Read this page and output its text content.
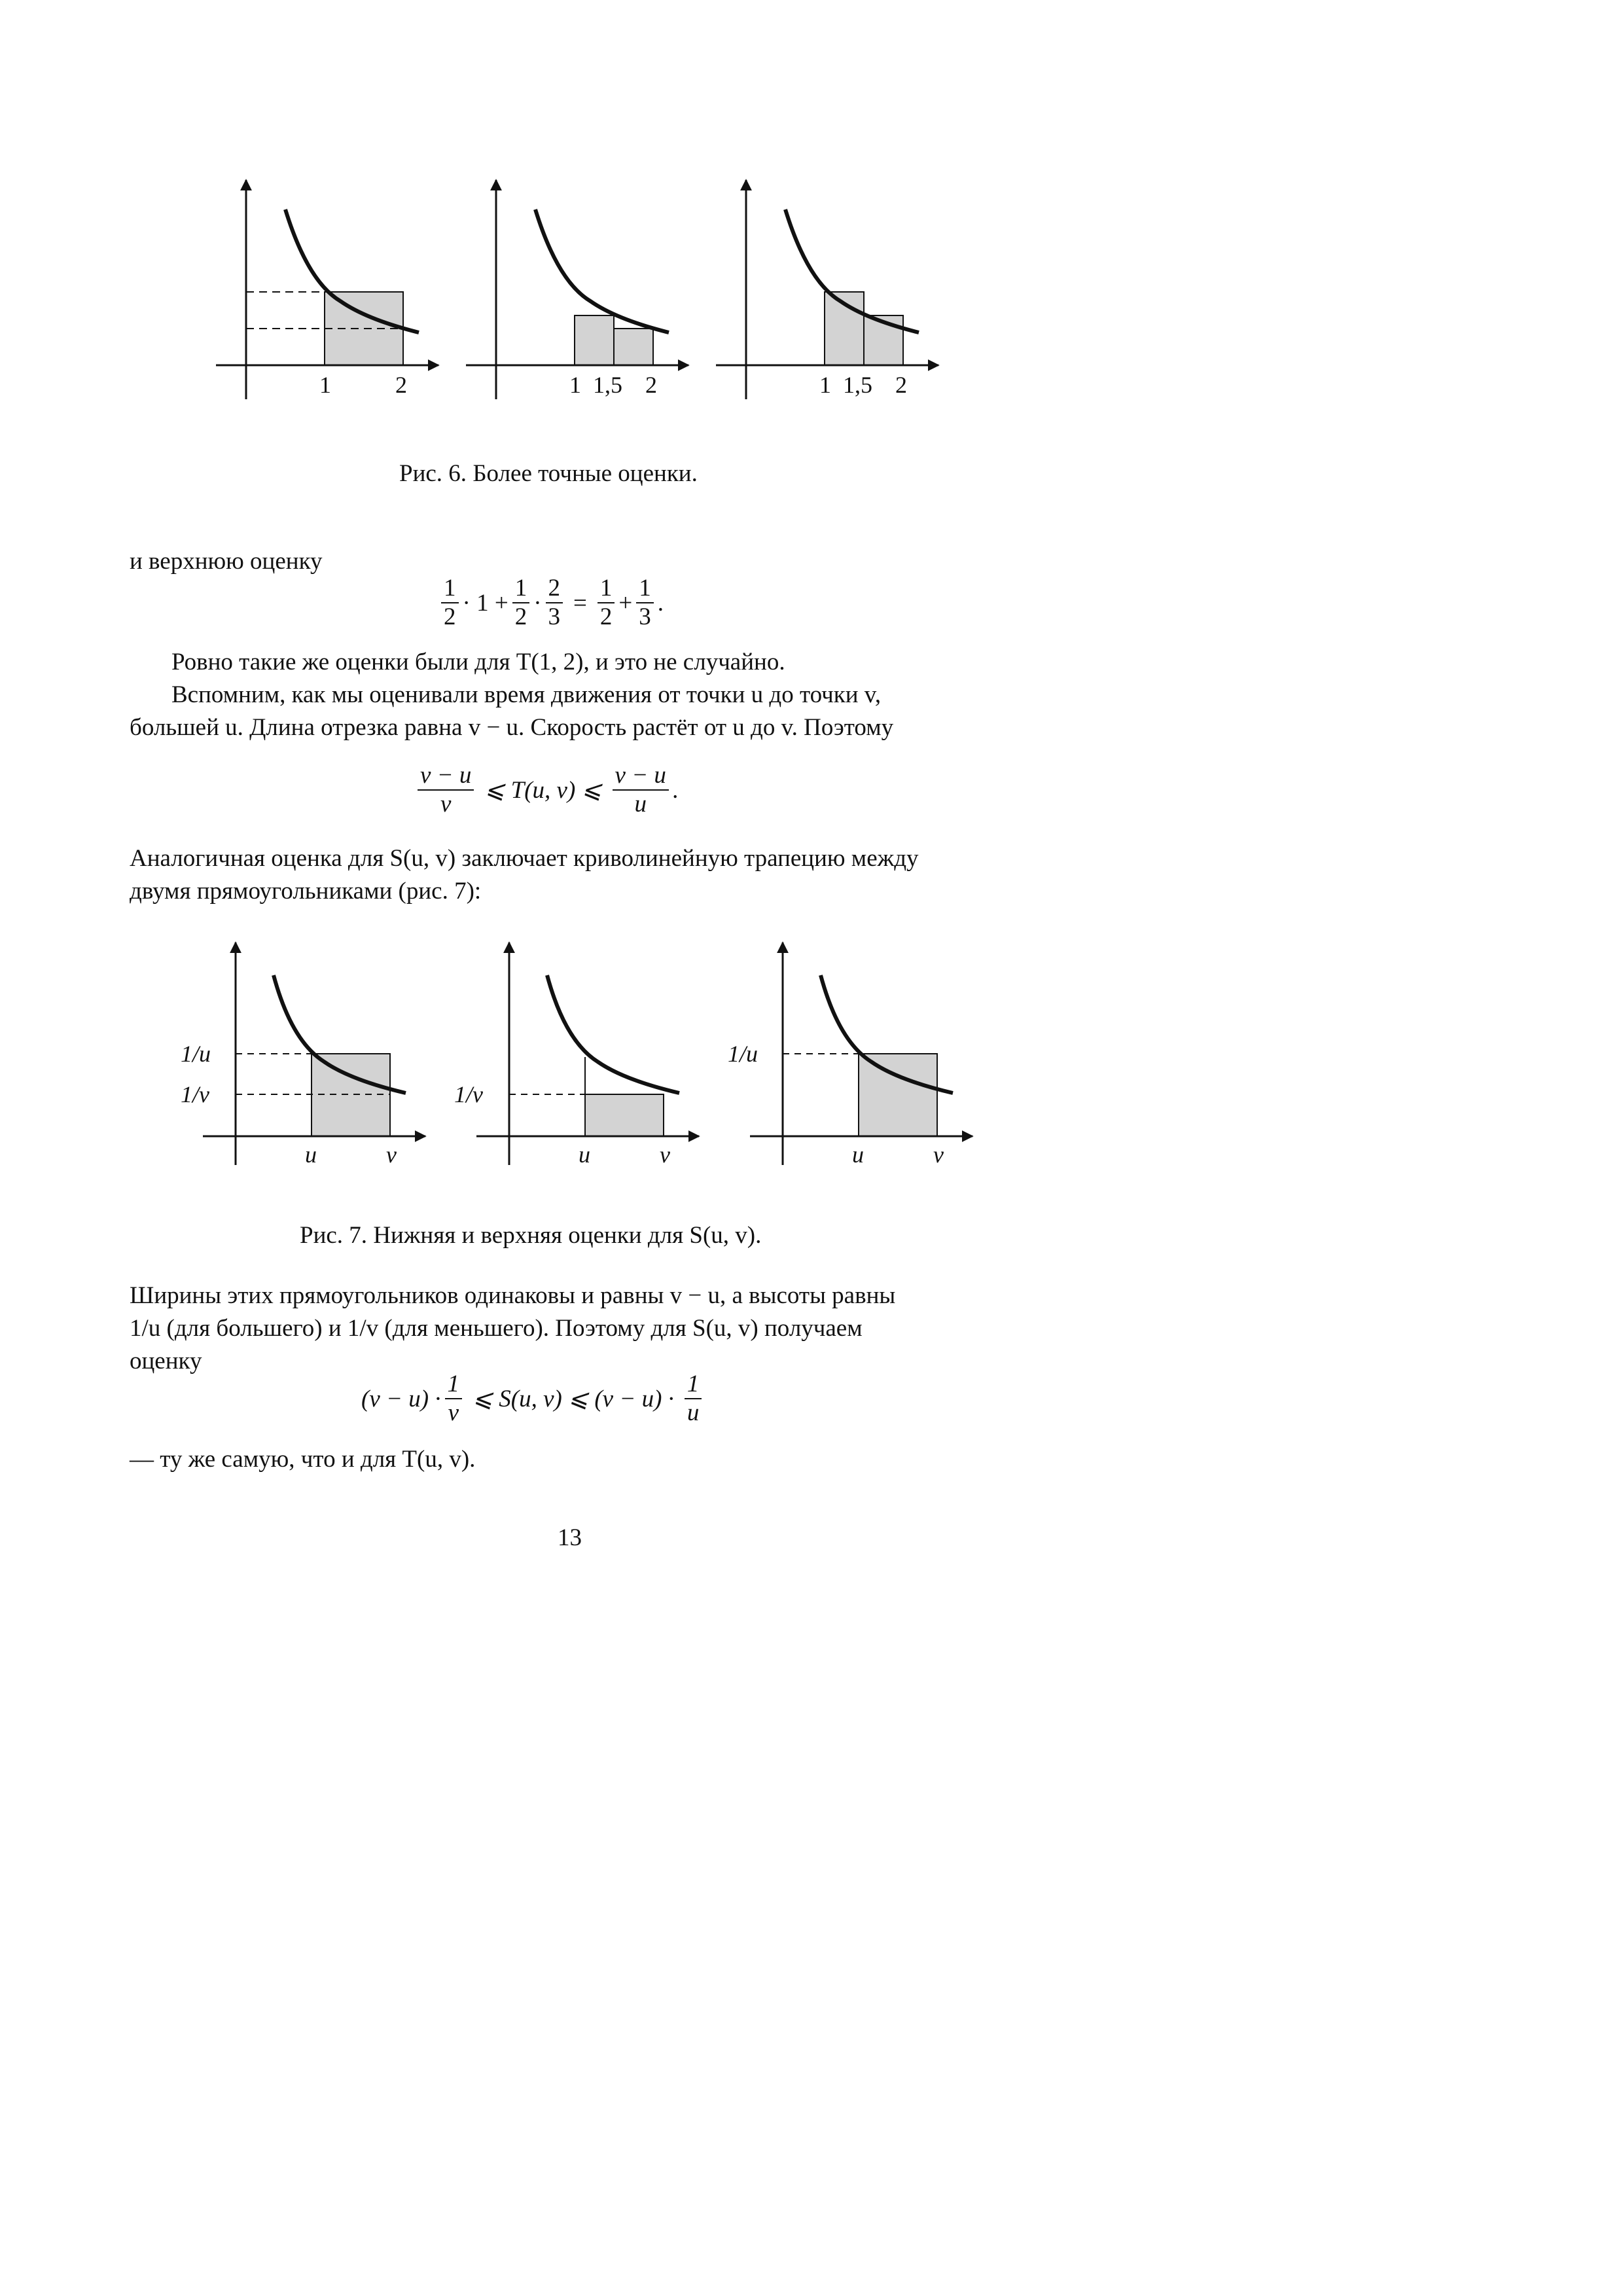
1	2	1 1,5 2	1 1,5 2
Рис. 6. Более точные оценки.
и верхнюю оценку
$\frac{1}{2} \cdot 1 + \frac{1}{2} \cdot \frac{2}{3} = \frac{1}{2} + \frac{1}{3}$ .
Ровно такие же оценки были для T(1, 2), и это не случайно.
Вспомним, как мы оценивали время движения от точки u до точки v,
большей u. Длина отрезка равна v − u. Скорость растёт от u до v. Поэтому
$\frac{v - u}{v}$ ⩽ T(u, v) ⩽ $\frac{v - u}{u}$ .
Аналогичная оценка для S(u, v) заключает криволинейную трапецию между
двумя прямоугольниками (рис. 7):
1/u
1/v
u	v
1/v
u	v
1/u
u	v
Рис. 7. Нижняя и верхняя оценки для S(u, v).
Ширины этих прямоугольников одинаковы и равны v − u, а высоты равны
1/u (для большего) и 1/v (для меньшего). Поэтому для S(u, v) получаем
оценку
$(v - u) \cdot \frac{1}{v}$ ⩽ S(u, v) ⩽ $(v - u) \cdot \frac{1}{u}$
— ту же самую, что и для T(u, v).
13
